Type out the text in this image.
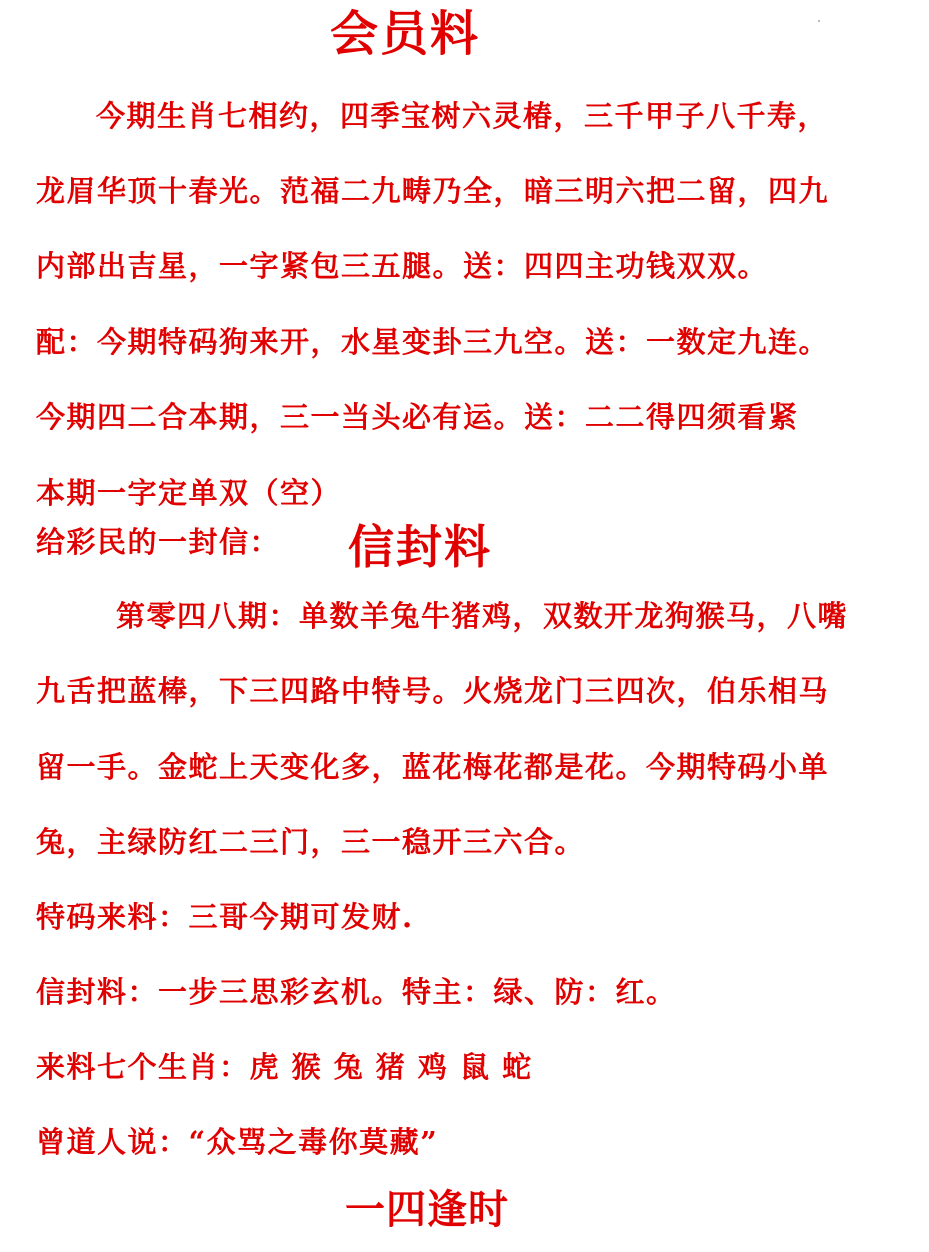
会员料
今期生肖七相约，四季宝树六灵椿，三千甲子八千寿，
龙眉华顶十春光。范福二九畴乃全，暗三明六把二留，四九
内部出吉星，一字紧包三五腿。送：四四主功钱双双。
配：今期特码狗来开，水星变卦三九空。送：一数定九连。
今期四二合本期，三一当头必有运。送：二二得四须看紧
本期一字定单双（空）
给彩民的一封信： 信封料
第零四八期：单数羊兔牛猪鸡，双数开龙狗猴马，八嘴
九舌把蓝棒，下三四路中特号。火烧龙门三四次，伯乐相马
留一手。金蛇上天变化多，蓝花梅花都是花。今期特码小单
兔，主绿防红二三门，三一稳开三六合。
特码来料：三哥今期可发财.
信封料：一步三思彩玄机。特主：绿、防：红。
来料七个生肖：虎 猴 兔 猪 鸡 鼠 蛇
曾道人说：“众骂之毒你莫藏”
一四逢时
